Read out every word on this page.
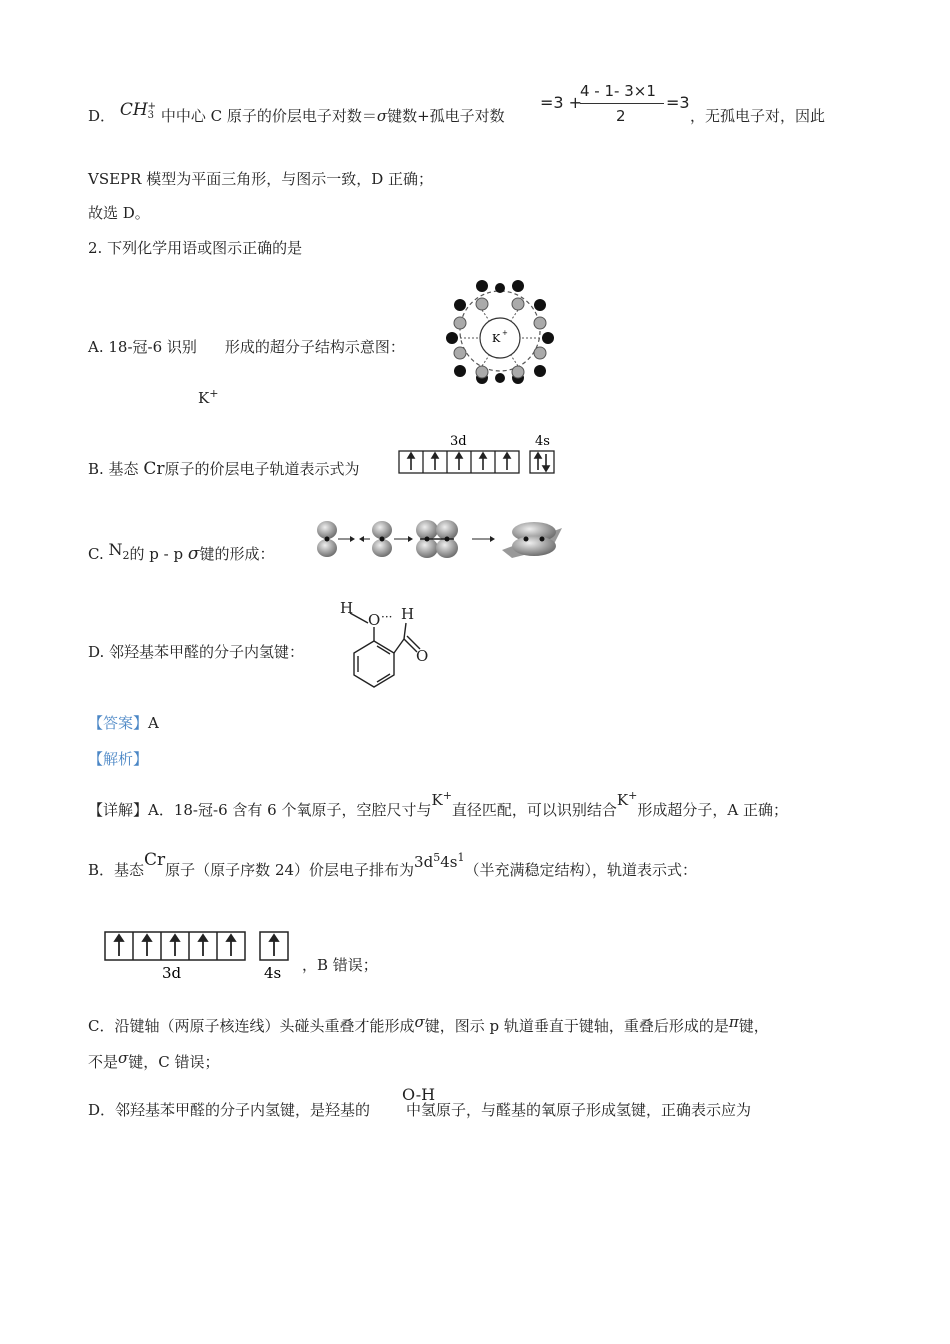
D． CH +
3 中中心 C 原子的价层电子对数＝σ键数+孤电子对数
=3 +
4 - 1- 3×1
2
=3
，无孤电子对，因此
VSEPR 模型为平面三角形，与图示一致，D 正确；
故选 D。
2. 下列化学用语或图示正确的是
A. 18-冠-6 识别 形成的超分子结构示意图：
K+
K +
B. 基态 Cr原子的价层电子轨道表示式为
3d	4s
C. $N_2$的 p - p σ键的形成：
D. 邻羟基苯甲醛的分子内氢键：
H
O ··· H
O
【答案】A
【解析】
【详解】A．18-冠-6 含有 6 个氧原子，空腔尺寸与K+直径匹配，可以识别结合K+形成超分子，A 正确；
B．基态Cr原子（原子序数 24）价层电子排布为$3d^54s^1$（半充满稳定结构），轨道表示式：
3d	4s ，B 错误；
C．沿键轴（两原子核连线）头碰头重叠才能形成σ键，图示 p 轨道垂直于键轴，重叠后形成的是π键，
不是σ键，C 错误；
D．邻羟基苯甲醛的分子内氢键，是羟基的 中氢原子，与醛基的氧原子形成氢键，正确表示应为
O-H
